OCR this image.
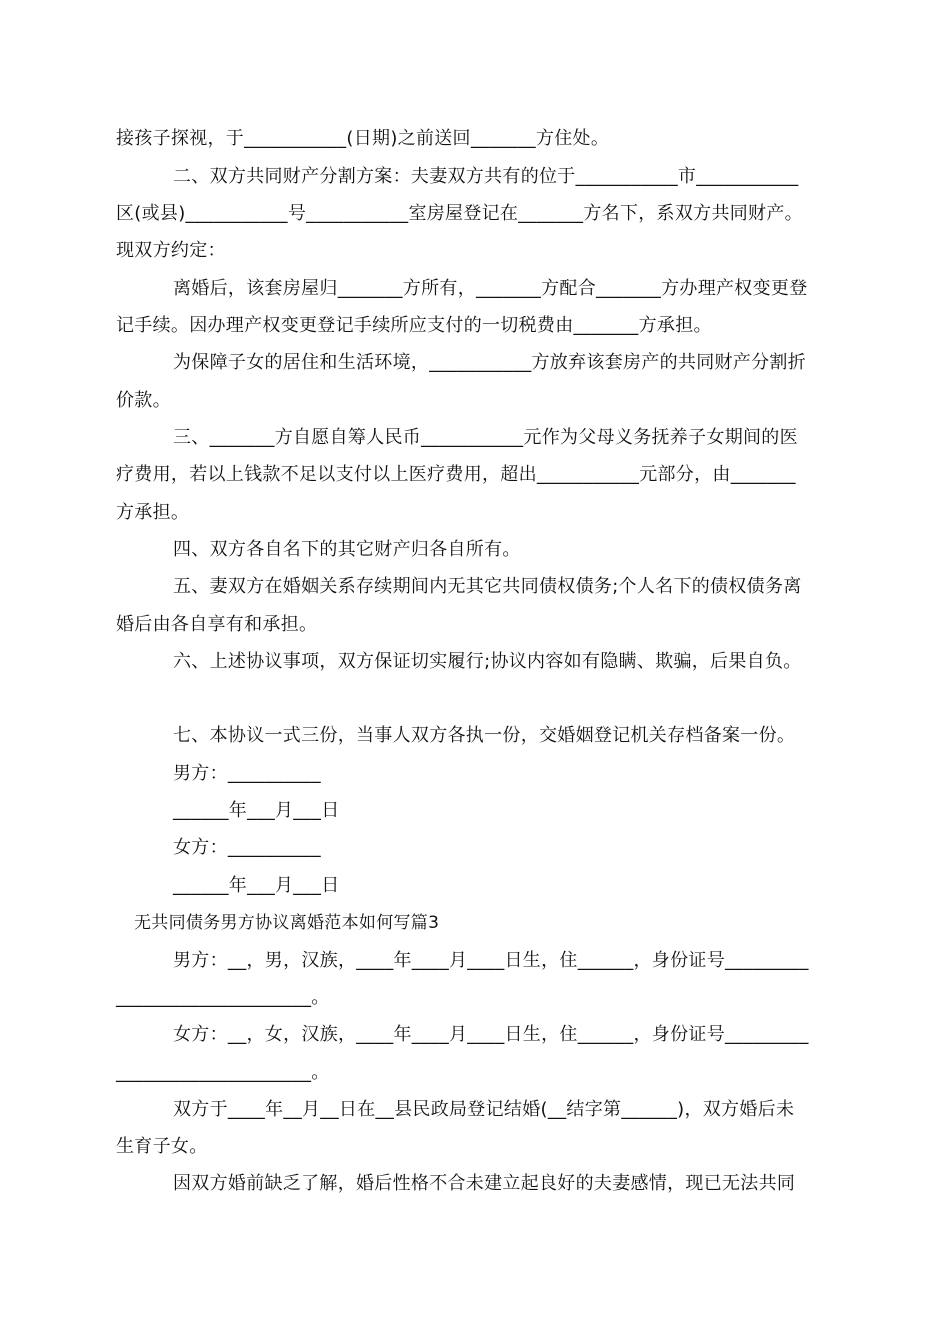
接孩子探视，于___________(日期)之前送回_______方住处。
二、双方共同财产分割方案：夫妻双方共有的位于___________市___________
区(或县)___________号___________室房屋登记在_______方名下，系双方共同财产。
现双方约定：
离婚后，该套房屋归_______方所有，_______方配合_______方办理产权变更登
记手续。因办理产权变更登记手续所应支付的一切税费由_______方承担。
为保障子女的居住和生活环境，___________方放弃该套房产的共同财产分割折
价款。
三、_______方自愿自筹人民币___________元作为父母义务抚养子女期间的医
疗费用，若以上钱款不足以支付以上医疗费用，超出___________元部分，由_______
方承担。
四、双方各自名下的其它财产归各自所有。
五、妻双方在婚姻关系存续期间内无其它共同债权债务;个人名下的债权债务离
婚后由各自享有和承担。
六、上述协议事项，双方保证切实履行;协议内容如有隐瞒、欺骗，后果自负。
七、本协议一式三份，当事人双方各执一份，交婚姻登记机关存档备案一份。
男方：__________
______年___月___日
女方：__________
______年___月___日
无共同债务男方协议离婚范本如何写篇3
男方：__，男，汉族，____年____月____日生，住______，身份证号_________
_____________________。
女方：__，女，汉族，____年____月____日生，住______，身份证号_________
_____________________。
双方于____年__月__日在__县民政局登记结婚(__结字第______)，双方婚后未
生育子女。
因双方婚前缺乏了解，婚后性格不合未建立起良好的夫妻感情，现已无法共同
